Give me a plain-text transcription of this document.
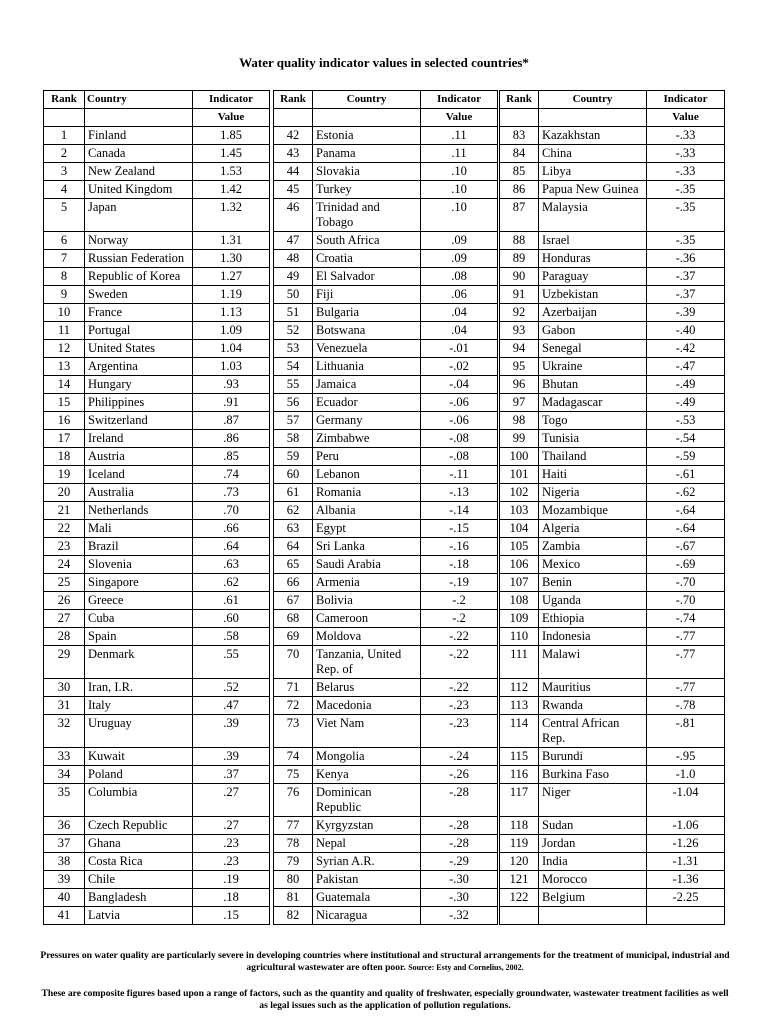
Water quality indicator values in selected countries*
Rank	Country	Indicator
		Value
1	Finland	1.85
2	Canada	1.45
3	New Zealand	1.53
4	United Kingdom	1.42
5	Japan	1.32
6	Norway	1.31
7	Russian Federation	1.30
8	Republic of Korea	1.27
9	Sweden	1.19
10	France	1.13
11	Portugal	1.09
12	United States	1.04
13	Argentina	1.03
14	Hungary	.93
15	Philippines	.91
16	Switzerland	.87
17	Ireland	.86
18	Austria	.85
19	Iceland	.74
20	Australia	.73
21	Netherlands	.70
22	Mali	.66
23	Brazil	.64
24	Slovenia	.63
25	Singapore	.62
26	Greece	.61
27	Cuba	.60
28	Spain	.58
29	Denmark	.55
30	Iran, I.R.	.52
31	Italy	.47
32	Uruguay	.39
33	Kuwait	.39
34	Poland	.37
35	Columbia	.27
36	Czech Republic	.27
37	Ghana	.23
38	Costa Rica	.23
39	Chile	.19
40	Bangladesh	.18
41	Latvia	.15
Rank	Country	Indicator
		Value
42	Estonia	.11
43	Panama	.11
44	Slovakia	.10
45	Turkey	.10
46	Trinidad and Tobago	.10
47	South Africa	.09
48	Croatia	.09
49	El Salvador	.08
50	Fiji	.06
51	Bulgaria	.04
52	Botswana	.04
53	Venezuela	-.01
54	Lithuania	-.02
55	Jamaica	-.04
56	Ecuador	-.06
57	Germany	-.06
58	Zimbabwe	-.08
59	Peru	-.08
60	Lebanon	-.11
61	Romania	-.13
62	Albania	-.14
63	Egypt	-.15
64	Sri Lanka	-.16
65	Saudi Arabia	-.18
66	Armenia	-.19
67	Bolivia	-.2
68	Cameroon	-.2
69	Moldova	-.22
70	Tanzania, United Rep. of	-.22
71	Belarus	-.22
72	Macedonia	-.23
73	Viet Nam	-.23
74	Mongolia	-.24
75	Kenya	-.26
76	Dominican Republic	-.28
77	Kyrgyzstan	-.28
78	Nepal	-.28
79	Syrian A.R.	-.29
80	Pakistan	-.30
81	Guatemala	-.30
82	Nicaragua	-.32
Rank	Country	Indicator
		Value
83	Kazakhstan	-.33
84	China	-.33
85	Libya	-.33
86	Papua New Guinea	-.35
87	Malaysia	-.35
88	Israel	-.35
89	Honduras	-.36
90	Paraguay	-.37
91	Uzbekistan	-.37
92	Azerbaijan	-.39
93	Gabon	-.40
94	Senegal	-.42
95	Ukraine	-.47
96	Bhutan	-.49
97	Madagascar	-.49
98	Togo	-.53
99	Tunisia	-.54
100	Thailand	-.59
101	Haiti	-.61
102	Nigeria	-.62
103	Mozambique	-.64
104	Algeria	-.64
105	Zambia	-.67
106	Mexico	-.69
107	Benin	-.70
108	Uganda	-.70
109	Ethiopia	-.74
110	Indonesia	-.77
111	Malawi	-.77
112	Mauritius	-.77
113	Rwanda	-.78
114	Central African Rep.	-.81
115	Burundi	-.95
116	Burkina Faso	-1.0
117	Niger	-1.04
118	Sudan	-1.06
119	Jordan	-1.26
120	India	-1.31
121	Morocco	-1.36
122	Belgium	-2.25

Pressures on water quality are particularly severe in developing countries where institutional and structural arrangements for the treatment of municipal, industrial and agricultural wastewater are often poor. Source: Esty and Cornelius, 2002.

These are composite figures based upon a range of factors, such as the quantity and quality of freshwater, especially groundwater, wastewater treatment facilities as well as legal issues such as the application of pollution regulations.
